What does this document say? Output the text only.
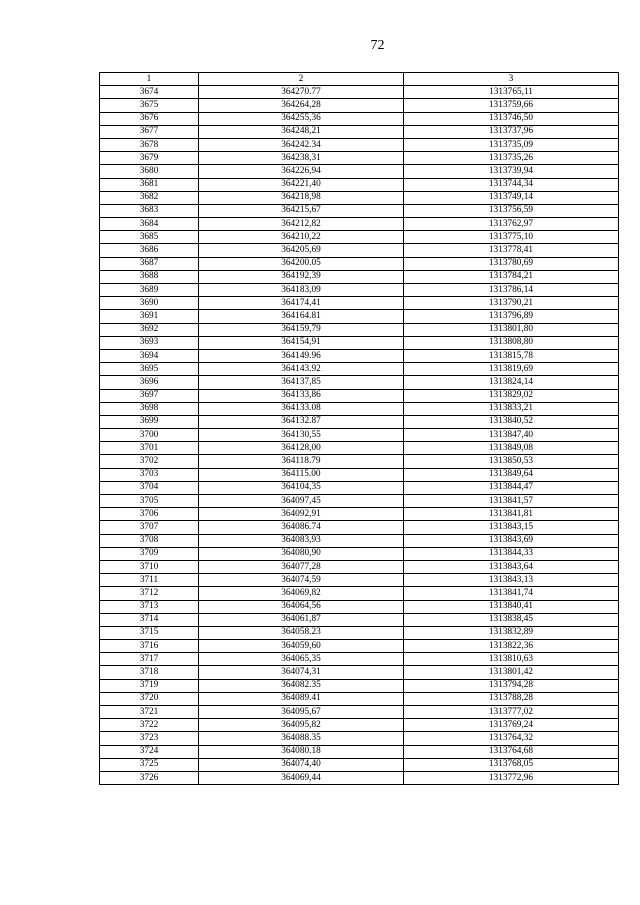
72
1	2	3
3674	364270.77	1313765,11
3675	364264,28	1313759,66
3676	364255,36	1313746,50
3677	364248,21	1313737,96
3678	364242.34	1313735,09
3679	364238,31	1313735,26
3680	364226,94	1313739,94
3681	364221,40	1313744,34
3682	364218,98	1313749,14
3683	364215,67	1313756,59
3684	364212,82	1313762,97
3685	364210,22	1313775,10
3686	364205,69	1313778,41
3687	364200.05	1313780,69
3688	364192,39	1313784,21
3689	364183,09	1313786,14
3690	364174,41	1313790,21
3691	364164.81	1313796,89
3692	364159,79	1313801,80
3693	364154,91	1313808,80
3694	364149.96	1313815,78
3695	364143.92	1313819,69
3696	364137,85	1313824,14
3697	364133,86	1313829,02
3698	364133.08	1313833,21
3699	364132.87	1313840,52
3700	364130,55	1313847,40
3701	364128,00	1313849,08
3702	364118.79	1313850,53
3703	364115.00	1313849,64
3704	364104,35	1313844,47
3705	364097,45	1313841,57
3706	364092,91	1313841,81
3707	364086.74	1313843,15
3708	364083,93	1313843,69
3709	364080,90	1313844,33
3710	364077,28	1313843,64
3711	364074,59	1313843,13
3712	364069,82	1313841,74
3713	364064,56	1313840,41
3714	364061,87	1313838,45
3715	364058.23	1313832,89
3716	364059,60	1313822,36
3717	364065,35	1313810,63
3718	364074,31	1313801,42
3719	364082.35	1313794,28
3720	364089.41	1313788,28
3721	364095,67	1313777,02
3722	364095,82	1313769,24
3723	364088.35	1313764,32
3724	364080.18	1313764,68
3725	364074,40	1313768,05
3726	364069,44	1313772,96
